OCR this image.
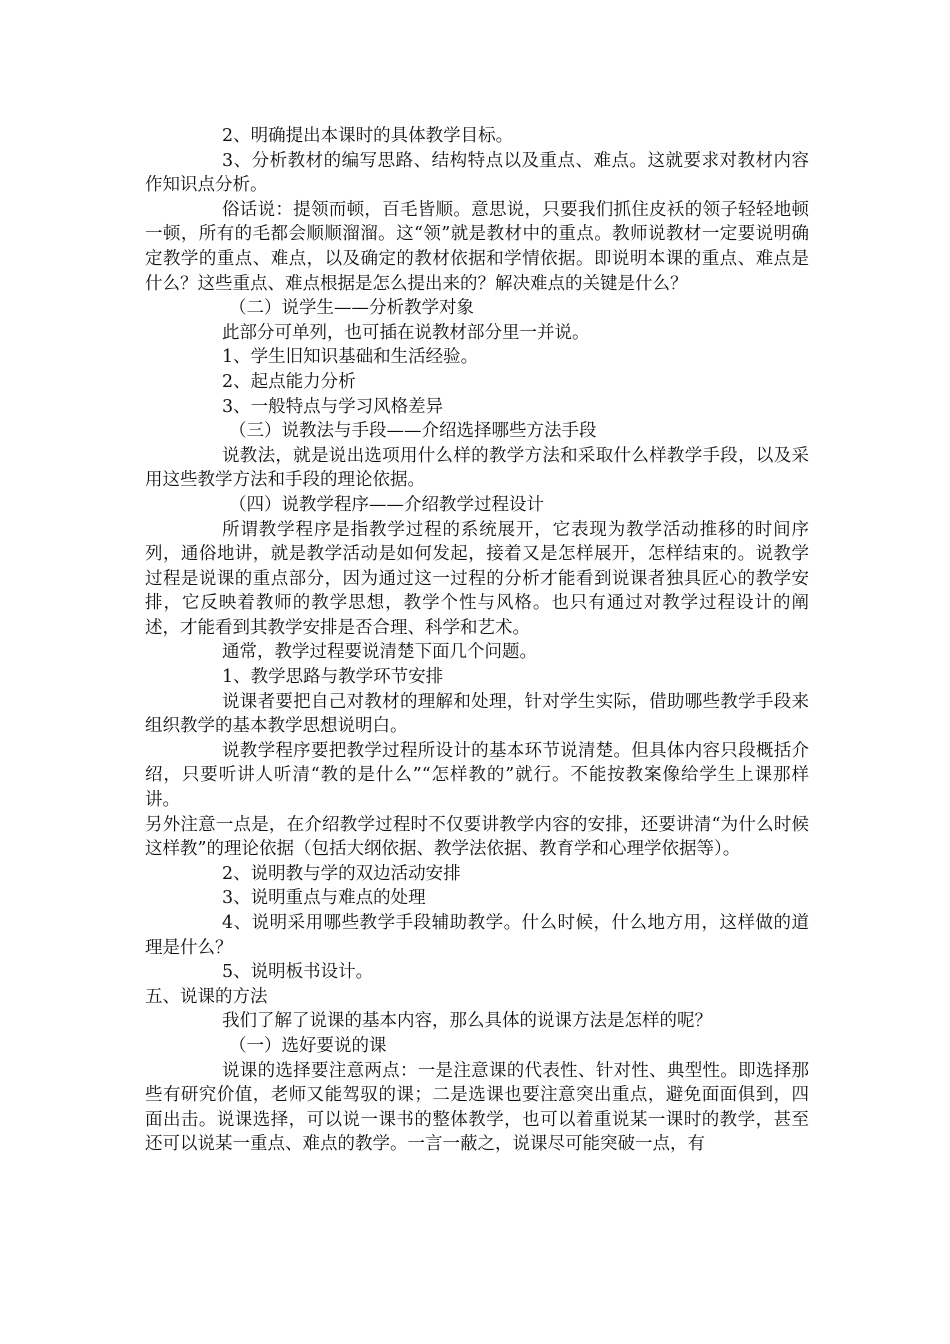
2、明确提出本课时的具体教学目标。

3、分析教材的编写思路、结构特点以及重点、难点。这就要求对教材内容作知识点分析。

俗话说：提领而顿，百毛皆顺。意思说，只要我们抓住皮袄的领子轻轻地顿一顿，所有的毛都会顺顺溜溜。这“领”就是教材中的重点。教师说教材一定要说明确定教学的重点、难点，以及确定的教材依据和学情依据。即说明本课的重点、难点是什么？这些重点、难点根据是怎么提出来的？解决难点的关键是什么？

（二）说学生——分析教学对象

此部分可单列，也可插在说教材部分里一并说。

1、学生旧知识基础和生活经验。

2、起点能力分析

3、一般特点与学习风格差异

（三）说教法与手段——介绍选择哪些方法手段

说教法，就是说出选项用什么样的教学方法和采取什么样教学手段，以及采用这些教学方法和手段的理论依据。

（四）说教学程序——介绍教学过程设计

所谓教学程序是指教学过程的系统展开，它表现为教学活动推移的时间序列，通俗地讲，就是教学活动是如何发起，接着又是怎样展开，怎样结束的。说教学过程是说课的重点部分，因为通过这一过程的分析才能看到说课者独具匠心的教学安排，它反映着教师的教学思想，教学个性与风格。也只有通过对教学过程设计的阐述，才能看到其教学安排是否合理、科学和艺术。

通常，教学过程要说清楚下面几个问题。

1、教学思路与教学环节安排

说课者要把自己对教材的理解和处理，针对学生实际，借助哪些教学手段来组织教学的基本教学思想说明白。

说教学程序要把教学过程所设计的基本环节说清楚。但具体内容只段概括介绍，只要听讲人听清“教的是什么”“怎样教的”就行。不能按教案像给学生上课那样讲。

另外注意一点是，在介绍教学过程时不仅要讲教学内容的安排，还要讲清“为什么时候这样教”的理论依据（包括大纲依据、教学法依据、教育学和心理学依据等）。

2、说明教与学的双边活动安排

3、说明重点与难点的处理

4、说明采用哪些教学手段辅助教学。什么时候，什么地方用，这样做的道理是什么？

5、说明板书设计。

五、说课的方法

我们了解了说课的基本内容，那么具体的说课方法是怎样的呢？

（一）选好要说的课

说课的选择要注意两点：一是注意课的代表性、针对性、典型性。即选择那些有研究价值，老师又能驾驭的课；二是选课也要注意突出重点，避免面面俱到，四面出击。说课选择，可以说一课书的整体教学，也可以着重说某一课时的教学，甚至还可以说某一重点、难点的教学。一言一蔽之，说课尽可能突破一点，有
